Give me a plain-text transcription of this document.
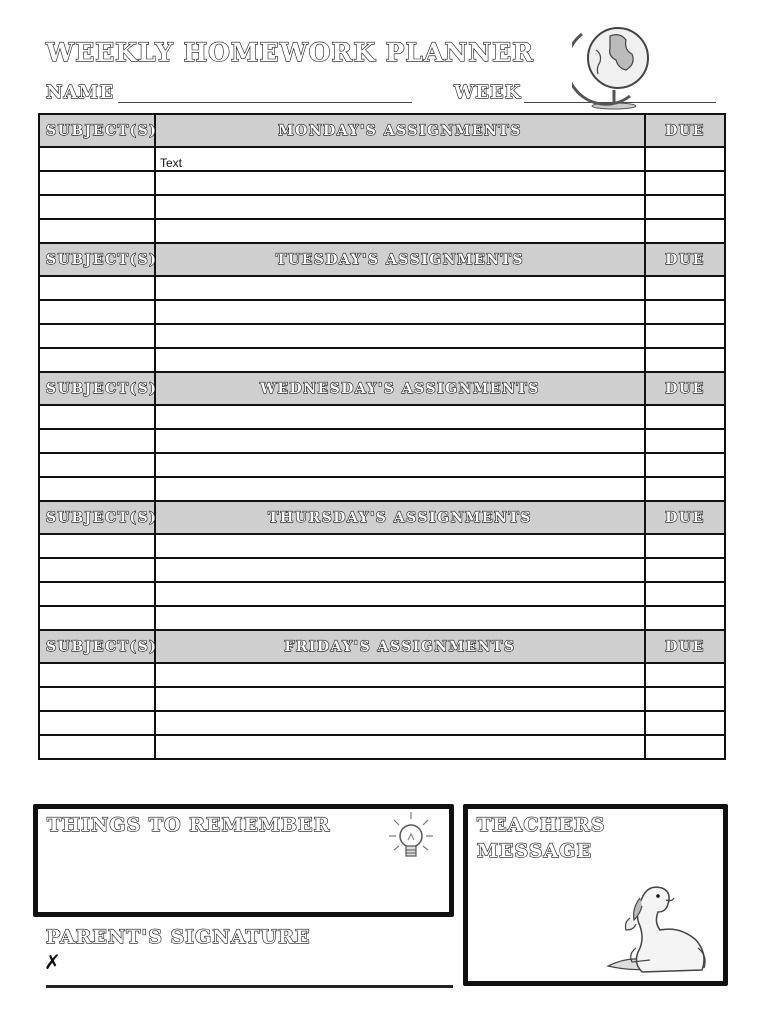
WEEKLY HOMEWORK PLANNER
NAME	WEEK
SUBJECT(S)	MONDAY'S ASSIGNMENTS	DUE
	Text	

SUBJECT(S)	TUESDAY'S ASSIGNMENTS	DUE

SUBJECT(S)	WEDNESDAY'S ASSIGNMENTS	DUE

SUBJECT(S)	THURSDAY'S ASSIGNMENTS	DUE

SUBJECT(S)	FRIDAY'S ASSIGNMENTS	DUE

THINGS TO REMEMBER	TEACHERS
MESSAGE
PARENT'S SIGNATURE
✗
